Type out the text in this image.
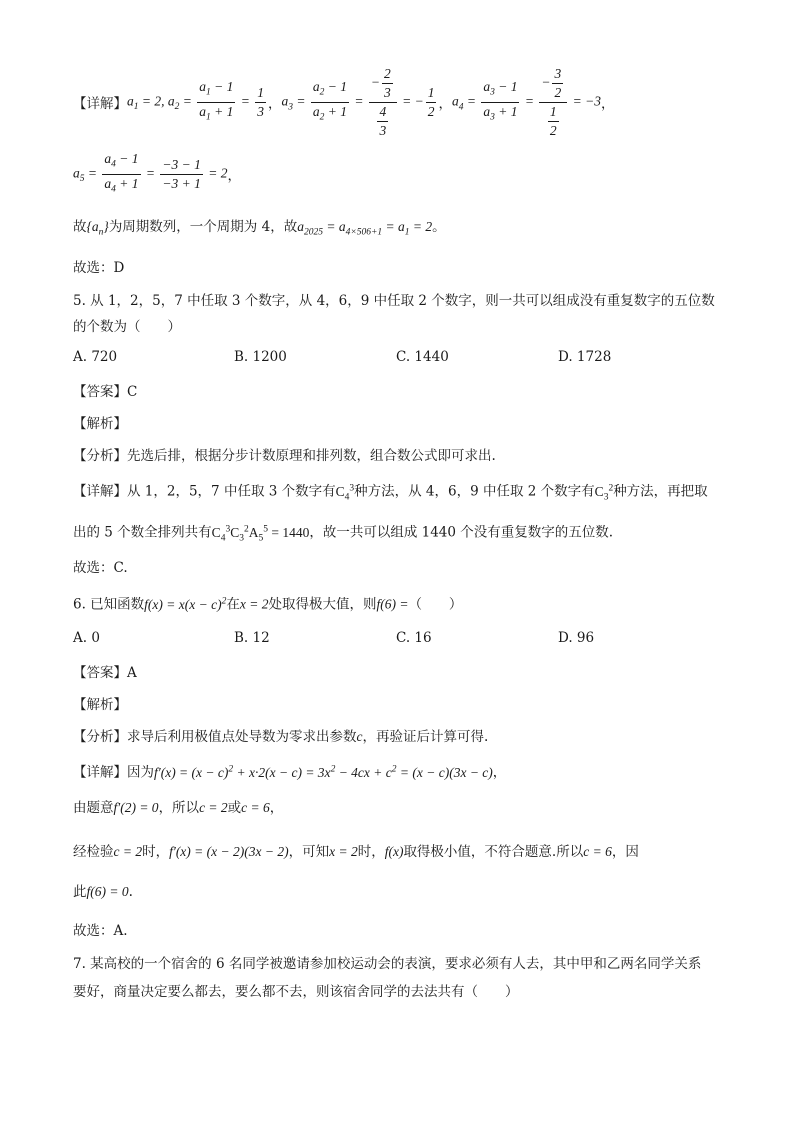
【详解】 $a_1 = 2$, $a_2 = \frac{a_1 - 1}{a_1 + 1} = \frac{1}{3}$ ， $a_3 = \frac{a_2 - 1}{a_2 + 1} = \frac{- \frac{2}{3}}{\frac{4}{3}}$ = − $\frac{1}{2}$ ， $a_4 = \frac{a_3 - 1}{a_3 + 1} = \frac{- \frac{3}{2}}{\frac{1}{2}} = -3$ ，
$a_5 = \frac{a_4 - 1}{a_4 + 1} = \frac{-3 - 1}{-3 + 1} = 2$ ，
故$\{a_n\}$为周期数列，一个周期为 4，故$a_{2025} = a_{4\times 506+1} = a_1 = 2$。
故选：D
5. 从 1，2，5，7 中任取 3 个数字，从 4，6，9 中任取 2 个数字，则一共可以组成没有重复数字的五位数
的个数为（　　）
A. 720	B. 1200	C. 1440	D. 1728
【答案】C
【解析】
【分析】先选后排，根据分步计数原理和排列数，组合数公式即可求出.
【详解】从 1，2，5，7 中任取 3 个数字有$C_4^3$种方法，从 4，6，9 中任取 2 个数字有$C_3^2$种方法，再把取
出的 5 个数全排列共有$C_4^3C_3^2A_5^5 = 1440$，故一共可以组成 1440 个没有重复数字的五位数.
故选：C.
6. 已知函数$f(x) = x(x - c)^2$在x = 2处取得极大值，则f(6) =（　　）
A. 0	B. 12	C. 16	D. 96
【答案】A
【解析】
【分析】求导后利用极值点处导数为零求出参数c，再验证后计算可得.
【详解】因为$f'(x) = (x - c)^2 + x\cdot 2(x - c) = 3x^2 - 4cx + c^2 = (x - c)(3x - c)$，
由题意f′(2) = 0，所以c = 2或c = 6，
经检验c = 2时，f′(x) = (x − 2)(3x − 2)，可知x = 2时，f(x)取得极小值，不符合题意.所以c = 6，因
此f(6) = 0.
故选：A.
7. 某高校的一个宿舍的 6 名同学被邀请参加校运动会的表演，要求必须有人去，其中甲和乙两名同学关系
要好，商量决定要么都去，要么都不去，则该宿舍同学的去法共有（　　）
